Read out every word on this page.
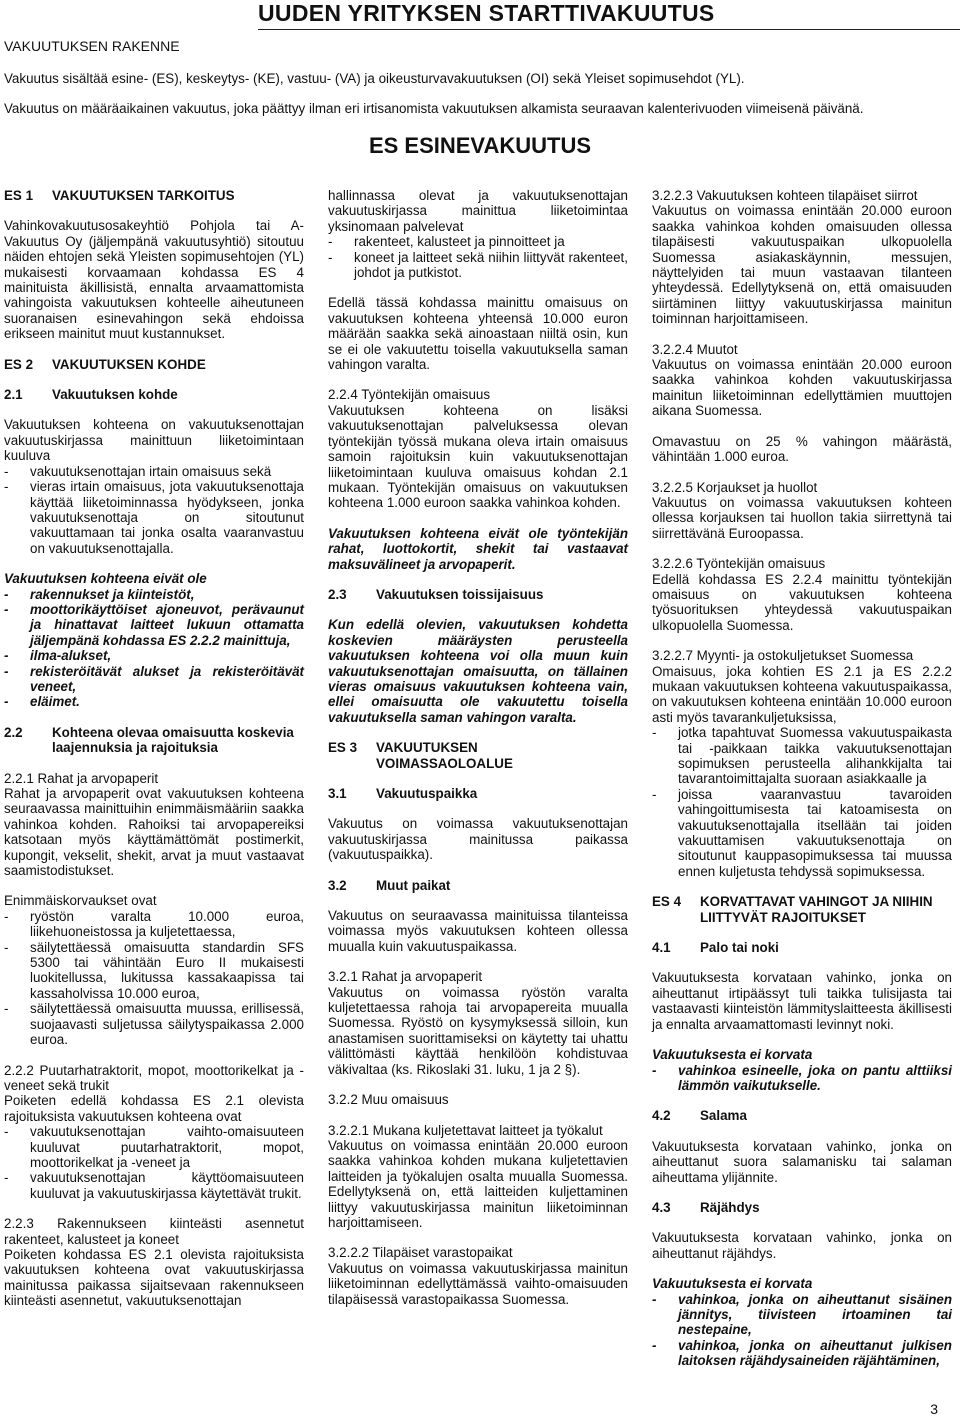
UUDEN YRITYKSEN STARTTIVAKUUTUS
VAKUUTUKSEN RAKENNE
Vakuutus sisältää esine- (ES), keskeytys- (KE), vastuu- (VA) ja oikeusturvavakuutuksen (OI) sekä Yleiset sopimusehdot (YL).
Vakuutus on määräaikainen vakuutus, joka päättyy ilman eri irtisanomista vakuutuksen alkamista seuraavan kalenterivuoden viimeisenä päivänä.
ES ESINEVAKUUTUS
ES 1	VAKUUTUKSEN TARKOITUS

Vahinkovakuutusosakeyhtiö Pohjola tai A-Vakuutus Oy (jäljempänä vakuutusyhtiö) sitoutuu näiden ehtojen sekä Yleisten sopimusehtojen (YL) mukaisesti korvaamaan kohdassa ES 4 mainituista äkillisistä, ennalta arvaamattomista vahingoista vakuutuksen kohteelle aiheutuneen suoranaisen esinevahingon sekä ehdoissa erikseen mainitut muut kustannukset.

ES 2	VAKUUTUKSEN KOHDE
2.1	Vakuutuksen kohde

Vakuutuksen kohteena on vakuutuksenottajan vakuutuskirjassa mainittuun liiketoimintaan kuuluva

- vakuutuksenottajan irtain omaisuus sekä
- vieras irtain omaisuus, jota vakuutuksenottaja käyttää liiketoiminnassa hyödykseen, jonka vakuutuksenottaja on sitoutunut vakuuttamaan tai jonka osalta vaaranvastuu on vakuutuksenottajalla.

Vakuutuksen kohteena eivät ole

- rakennukset ja kiinteistöt,
- moottorikäyttöiset ajoneuvot, perävaunut ja hinattavat laitteet lukuun ottamatta jäljempänä kohdassa ES 2.2.2 mainittuja,
- ilma-alukset,
- rekisteröitävät alukset ja rekisteröitävät veneet,
- eläimet.
2.2	Kohteena olevaa omaisuutta koskevia laajennuksia ja rajoituksia

2.2.1 Rahat ja arvopaperit

Rahat ja arvopaperit ovat vakuutuksen kohteena seuraavassa mainittuihin enimmäismääriin saakka vahinkoa kohden. Rahoiksi tai arvopapereiksi katsotaan myös käyttämättömät postimerkit, kupongit, vekselit, shekit, arvat ja muut vastaavat saamistodistukset.

Enimmäiskorvaukset ovat

- ryöstön varalta 10.000 euroa, liikehuoneistossa ja kuljetettaessa,
- säilytettäessä omaisuutta standardin SFS 5300 tai vähintään Euro II mukaisesti luokitellussa, lukitussa kassakaapissa tai kassaholvissa 10.000 euroa,
- säilytettäessä omaisuutta muussa, erillisessä, suojaavasti suljetussa säilytyspaikassa 2.000 euroa.

2.2.2 Puutarhatraktorit, mopot, moottorikelkat ja -veneet sekä trukit

Poiketen edellä kohdassa ES 2.1 olevista rajoituksista vakuutuksen kohteena ovat

- vakuutuksenottajan vaihto-omaisuuteen kuuluvat puutarhatraktorit, mopot, moottorikelkat ja -veneet ja
- vakuutuksenottajan käyttöomaisuuteen kuuluvat ja vakuutuskirjassa käytettävät trukit.

2.2.3 Rakennukseen kiinteästi asennetut rakenteet, kalusteet ja koneet

Poiketen kohdassa ES 2.1 olevista rajoituksista vakuutuksen kohteena ovat vakuutuskirjassa mainitussa paikassa sijaitsevaan rakennukseen kiinteästi asennetut, vakuutuksenottajan

hallinnassa olevat ja vakuutuksenottajan vakuutuskirjassa mainittua liiketoimintaa yksinomaan palvelevat

- rakenteet, kalusteet ja pinnoitteet ja
- koneet ja laitteet sekä niihin liittyvät rakenteet, johdot ja putkistot.

Edellä tässä kohdassa mainittu omaisuus on vakuutuksen kohteena yhteensä 10.000 euron määrään saakka sekä ainoastaan niiltä osin, kun se ei ole vakuutettu toisella vakuutuksella saman vahingon varalta.

2.2.4 Työntekijän omaisuus

Vakuutuksen kohteena on lisäksi vakuutuksenottajan palveluksessa olevan työntekijän työssä mukana oleva irtain omaisuus samoin rajoituksin kuin vakuutuksenottajan liiketoimintaan kuuluva omaisuus kohdan 2.1 mukaan. Työntekijän omaisuus on vakuutuksen kohteena 1.000 euroon saakka vahinkoa kohden.

Vakuutuksen kohteena eivät ole työntekijän rahat, luottokortit, shekit tai vastaavat maksuvälineet ja arvopaperit.

2.3	Vakuutuksen toissijaisuus

Kun edellä olevien, vakuutuksen kohdetta koskevien määräysten perusteella vakuutuksen kohteena voi olla muun kuin vakuutuksenottajan omaisuutta, on tällainen vieras omaisuus vakuutuksen kohteena vain, ellei omaisuutta ole vakuutettu toisella vakuutuksella saman vahingon varalta.

ES 3	VAKUUTUKSEN VOIMASSAOLOALUE
3.1	Vakuutuspaikka

Vakuutus on voimassa vakuutuksenottajan vakuutuskirjassa mainitussa paikassa (vakuutuspaikka).

3.2	Muut paikat

Vakuutus on seuraavassa mainituissa tilanteissa voimassa myös vakuutuksen kohteen ollessa muualla kuin vakuutuspaikassa.

3.2.1 Rahat ja arvopaperit

Vakuutus on voimassa ryöstön varalta kuljetettaessa rahoja tai arvopapereita muualla Suomessa. Ryöstö on kysymyksessä silloin, kun anastamisen suorittamiseksi on käytetty tai uhattu välittömästi käyttää henkilöön kohdistuvaa väkivaltaa (ks. Rikoslaki 31. luku, 1 ja 2 §).

3.2.2 Muu omaisuus

3.2.2.1 Mukana kuljetettavat laitteet ja työkalut

Vakuutus on voimassa enintään 20.000 euroon saakka vahinkoa kohden mukana kuljetettavien laitteiden ja työkalujen osalta muualla Suomessa. Edellytyksenä on, että laitteiden kuljettaminen liittyy vakuutuskirjassa mainitun liiketoiminnan harjoittamiseen.

3.2.2.2 Tilapäiset varastopaikat

Vakuutus on voimassa vakuutuskirjassa mainitun liiketoiminnan edellyttämässä vaihto-omaisuuden tilapäisessä varastopaikassa Suomessa.

3.2.2.3 Vakuutuksen kohteen tilapäiset siirrot

Vakuutus on voimassa enintään 20.000 euroon saakka vahinkoa kohden omaisuuden ollessa tilapäisesti vakuutuspaikan ulkopuolella Suomessa asiakaskäynnin, messujen, näyttelyiden tai muun vastaavan tilanteen yhteydessä. Edellytyksenä on, että omaisuuden siirtäminen liittyy vakuutuskirjassa mainitun toiminnan harjoittamiseen.

3.2.2.4 Muutot

Vakuutus on voimassa enintään 20.000 euroon saakka vahinkoa kohden vakuutuskirjassa mainitun liiketoiminnan edellyttämien muuttojen aikana Suomessa.

Omavastuu on 25 % vahingon määrästä, vähintään 1.000 euroa.

3.2.2.5 Korjaukset ja huollot

Vakuutus on voimassa vakuutuksen kohteen ollessa korjauksen tai huollon takia siirrettynä tai siirrettävänä Euroopassa.

3.2.2.6 Työntekijän omaisuus

Edellä kohdassa ES 2.2.4 mainittu työntekijän omaisuus on vakuutuksen kohteena työsuorituksen yhteydessä vakuutuspaikan ulkopuolella Suomessa.

3.2.2.7 Myynti- ja ostokuljetukset Suomessa

Omaisuus, joka kohtien ES 2.1 ja ES 2.2.2 mukaan vakuutuksen kohteena vakuutuspaikassa, on vakuutuksen kohteena enintään 10.000 euroon asti myös tavarankuljetuksissa,

- jotka tapahtuvat Suomessa vakuutuspaikasta tai -paikkaan taikka vakuutuksenottajan sopimuksen perusteella alihankkijalta tai tavarantoimittajalta suoraan asiakkaalle ja
- joissa vaaranvastuu tavaroiden vahingoittumisesta tai katoamisesta on vakuutuksenottajalla itsellään tai joiden vakuuttamisen vakuutuksenottaja on sitoutunut kauppasopimuksessa tai muussa ennen kuljetusta tehdyssä sopimuksessa.
ES 4	KORVATTAVAT VAHINGOT JA NIIHIN LIITTYVÄT RAJOITUKSET
4.1	Palo tai noki

Vakuutuksesta korvataan vahinko, jonka on aiheuttanut irtipäässyt tuli taikka tulisijasta tai vastaavasti kiinteistön lämmityslaitteesta äkillisesti ja ennalta arvaamattomasti levinnyt noki.

Vakuutuksesta ei korvata

- vahinkoa esineelle, joka on pantu alttiiksi lämmön vaikutukselle.
4.2	Salama

Vakuutuksesta korvataan vahinko, jonka on aiheuttanut suora salamanisku tai salaman aiheuttama ylijännite.

4.3	Räjähdys

Vakuutuksesta korvataan vahinko, jonka on aiheuttanut räjähdys.

Vakuutuksesta ei korvata

- vahinkoa, jonka on aiheuttanut sisäinen jännitys, tiivisteen irtoaminen tai nestepaine,
- vahinkoa, jonka on aiheuttanut julkisen laitoksen räjähdysaineiden räjähtäminen,
3
